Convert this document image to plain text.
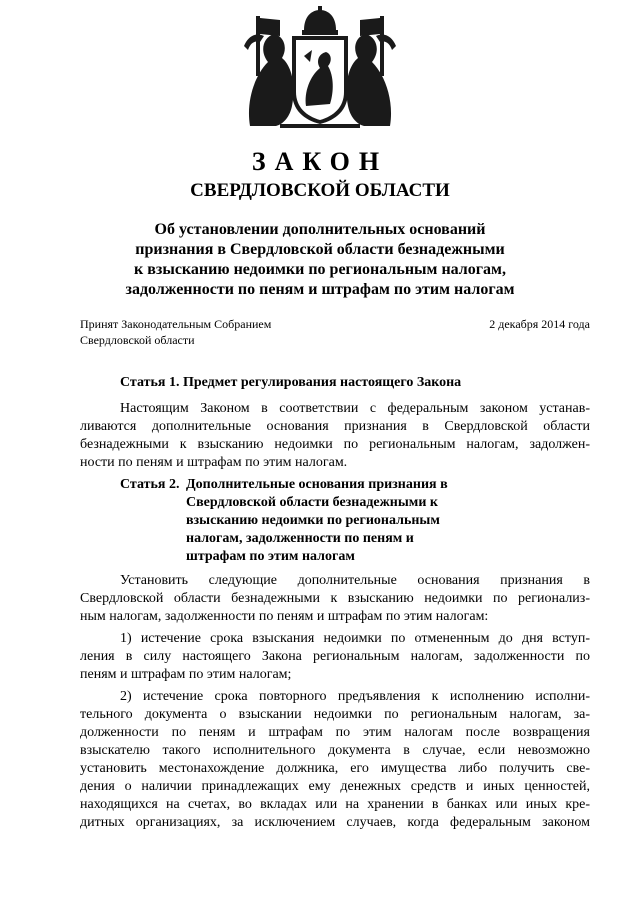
ЗАКОН
СВЕРДЛОВСКОЙ ОБЛАСТИ
Об установлении дополнительных оснований
признания в Свердловской области безнадежными
к взысканию недоимки по региональным налогам,
задолженности по пеням и штрафам по этим налогам
Принят Законодательным Собранием
Свердловской области
2 декабря 2014 года
Статья 1. Предмет регулирования настоящего Закона
Настоящим Законом в соответствии с федеральным законом устанав-
ливаются дополнительные основания признания в Свердловской области
безнадежными к взысканию недоимки по региональным налогам, задолжен-
ности по пеням и штрафам по этим налогам.
Статья 2. Дополнительные основания признания в
Свердловской области безнадежными к
взысканию недоимки по региональным
налогам, задолженности по пеням и
штрафам по этим налогам
Установить следующие дополнительные основания признания в
Свердловской области безнадежными к взысканию недоимки по регионализ-
ным налогам, задолженности по пеням и штрафам по этим налогам:
1) истечение срока взыскания недоимки по отмененным до дня вступ-
ления в силу настоящего Закона региональным налогам, задолженности по
пеням и штрафам по этим налогам;
2) истечение срока повторного предъявления к исполнению исполни-
тельного документа о взыскании недоимки по региональным налогам, за-
долженности по пеням и штрафам по этим налогам после возвращения
взыскателю такого исполнительного документа в случае, если невозможно
установить местонахождение должника, его имущества либо получить све-
дения о наличии принадлежащих ему денежных средств и иных ценностей,
находящихся на счетах, во вкладах или на хранении в банках или иных кре-
дитных организациях, за исключением случаев, когда федеральным законом
